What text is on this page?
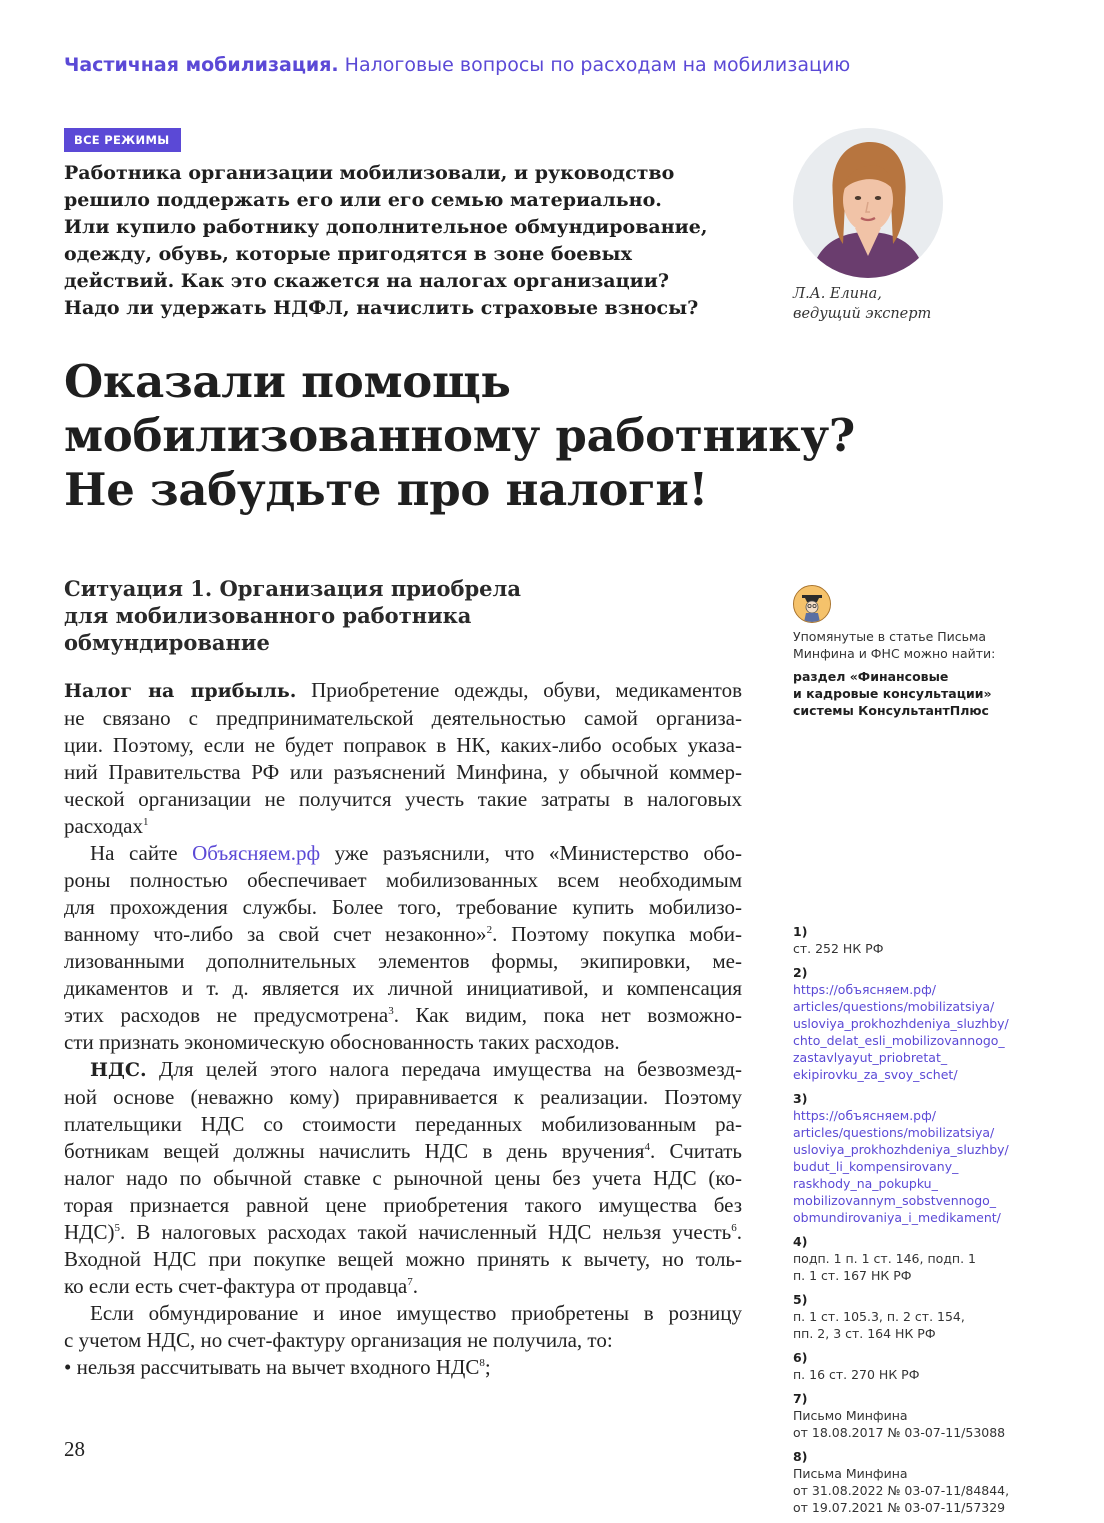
Частичная мобилизация. Налоговые вопросы по расходам на мобилизацию
ВСЕ РЕЖИМЫ
Работника организации мобилизовали, и руководство
решило поддержать его или его семью материально.
Или купило работнику дополнительное обмундирование,
одежду, обувь, которые пригодятся в зоне боевых
действий. Как это скажется на налогах организации?
Надо ли удержать НДФЛ, начислить страховые взносы?
Л.А. Елина,
ведущий эксперт
Оказали помощь
мобилизованному работнику?
Не забудьте про налоги!
Ситуация 1. Организация приобрела
для мобилизованного работника
обмундирование
Налог на прибыль. Приобретение одежды, обуви, медикаментов
не связано с предпринимательской деятельностью самой организа-
ции. Поэтому, если не будет поправок в НК, каких-либо особых указа-
ний Правительства РФ или разъяснений Минфина, у обычной коммер-
ческой организации не получится учесть такие затраты в налоговых
расходах$^1$
На сайте Объясняем.рф уже разъяснили, что «Министерство обо-
роны полностью обеспечивает мобилизованных всем необходимым
для прохождения службы. Более того, требование купить мобилизо-
ванному что-либо за свой счет незаконно»$^2$. Поэтому покупка моби-
лизованными дополнительных элементов формы, экипировки, ме-
дикаментов и т. д. является их личной инициативой, и компенсация
этих расходов не предусмотрена$^3$. Как видим, пока нет возможно-
сти признать экономическую обоснованность таких расходов.
НДС. Для целей этого налога передача имущества на безвозмезд-
ной основе (неважно кому) приравнивается к реализации. Поэтому
плательщики НДС со стоимости переданных мобилизованным ра-
ботникам вещей должны начислить НДС в день вручения$^4$. Считать
налог надо по обычной ставке с рыночной цены без учета НДС (ко-
торая признается равной цене приобретения такого имущества без
НДС)$^5$. В налоговых расходах такой начисленный НДС нельзя учесть$^6$.
Входной НДС при покупке вещей можно принять к вычету, но толь-
ко если есть счет-фактура от продавца$^7$.
Если обмундирование и иное имущество приобретены в розницу
с учетом НДС, но счет-фактуру организация не получила, то:
• нельзя рассчитывать на вычет входного НДС$^8$;
Упомянутые в статье Письма
Минфина и ФНС можно найти:
раздел «Финансовые
и кадровые консультации»
системы КонсультантПлюс
1)
ст. 252 НК РФ
2)
https://объясняем.рф/
articles/questions/mobilizatsiya/
usloviya_prokhozhdeniya_sluzhby/
chto_delat_esli_mobilizovannogo_
zastavlyayut_priobretat_
ekipirovku_za_svoy_schet/
3)
https://объясняем.рф/
articles/questions/mobilizatsiya/
usloviya_prokhozhdeniya_sluzhby/
budut_li_kompensirovany_
raskhody_na_pokupku_
mobilizovannym_sobstvennogo_
obmundirovaniya_i_medikament/
4)
подп. 1 п. 1 ст. 146, подп. 1
п. 1 ст. 167 НК РФ
5)
п. 1 ст. 105.3, п. 2 ст. 154,
пп. 2, 3 ст. 164 НК РФ
6)
п. 16 ст. 270 НК РФ
7)
Письмо Минфина
от 18.08.2017 № 03-07-11/53088
8)
Письма Минфина
от 31.08.2022 № 03-07-11/84844,
от 19.07.2021 № 03-07-11/57329
28
